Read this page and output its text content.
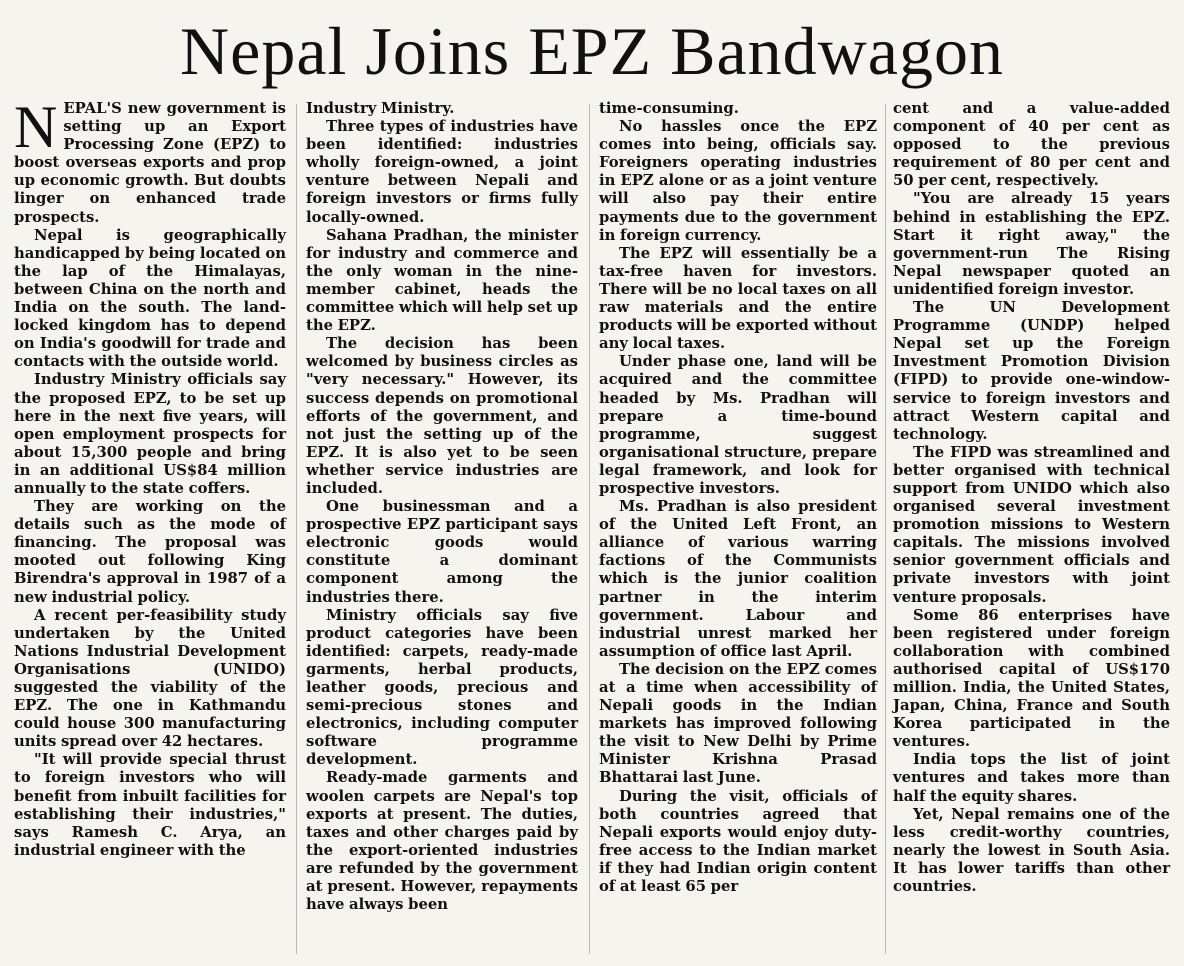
Nepal Joins EPZ Bandwagon

NEPAL'S new government is setting up an Export Processing Zone (EPZ) to boost overseas exports and prop up economic growth. But doubts linger on enhanced trade prospects.

Nepal is geographically handicapped by being located on the lap of the Himalayas, between China on the north and India on the south. The land-locked kingdom has to depend on India's goodwill for trade and contacts with the outside world.

Industry Ministry officials say the proposed EPZ, to be set up here in the next five years, will open employment prospects for about 15,300 people and bring in an additional US$84 million annually to the state coffers.

They are working on the details such as the mode of financing. The proposal was mooted out following King Birendra's approval in 1987 of a new industrial policy.

A recent per-feasibility study undertaken by the United Nations Industrial Development Organisations (UNIDO) suggested the viability of the EPZ. The one in Kathmandu could house 300 manufacturing units spread over 42 hectares.

"It will provide special thrust to foreign investors who will benefit from inbuilt facilities for establishing their industries," says Ramesh C. Arya, an industrial engineer with the

Industry Ministry.

Three types of industries have been identified: industries wholly foreign-owned, a joint venture between Nepali and foreign investors or firms fully locally-owned.

Sahana Pradhan, the minister for industry and commerce and the only woman in the nine-member cabinet, heads the committee which will help set up the EPZ.

The decision has been welcomed by business circles as "very necessary." However, its success depends on promotional efforts of the government, and not just the setting up of the EPZ. It is also yet to be seen whether service industries are included.

One businessman and a prospective EPZ participant says electronic goods would constitute a dominant component among the industries there.

Ministry officials say five product categories have been identified: carpets, ready-made garments, herbal products, leather goods, precious and semi-precious stones and electronics, including computer software programme development.

Ready-made garments and woolen carpets are Nepal's top exports at present. The duties, taxes and other charges paid by the export-oriented industries are refunded by the government at present. However, repayments have always been

time-consuming.

No hassles once the EPZ comes into being, officials say. Foreigners operating industries in EPZ alone or as a joint venture will also pay their entire payments due to the government in foreign currency.

The EPZ will essentially be a tax-free haven for investors. There will be no local taxes on all raw materials and the entire products will be exported without any local taxes.

Under phase one, land will be acquired and the committee headed by Ms. Pradhan will prepare a time-bound programme, suggest organisational structure, prepare legal framework, and look for prospective investors.

Ms. Pradhan is also president of the United Left Front, an alliance of various warring factions of the Communists which is the junior coalition partner in the interim government. Labour and industrial unrest marked her assumption of office last April.

The decision on the EPZ comes at a time when accessibility of Nepali goods in the Indian markets has improved following the visit to New Delhi by Prime Minister Krishna Prasad Bhattarai last June.

During the visit, officials of both countries agreed that Nepali exports would enjoy duty-free access to the Indian market if they had Indian origin content of at least 65 per

cent and a value-added component of 40 per cent as opposed to the previous requirement of 80 per cent and 50 per cent, respectively.

"You are already 15 years behind in establishing the EPZ. Start it right away," the government-run The Rising Nepal newspaper quoted an unidentified foreign investor.

The UN Development Programme (UNDP) helped Nepal set up the Foreign Investment Promotion Division (FIPD) to provide one-window-service to foreign investors and attract Western capital and technology.

The FIPD was streamlined and better organised with technical support from UNIDO which also organised several investment promotion missions to Western capitals. The missions involved senior government officials and private investors with joint venture proposals.

Some 86 enterprises have been registered under foreign collaboration with combined authorised capital of US$170 million. India, the United States, Japan, China, France and South Korea participated in the ventures.

India tops the list of joint ventures and takes more than half the equity shares.

Yet, Nepal remains one of the less credit-worthy countries, nearly the lowest in South Asia. It has lower tariffs than other countries.
